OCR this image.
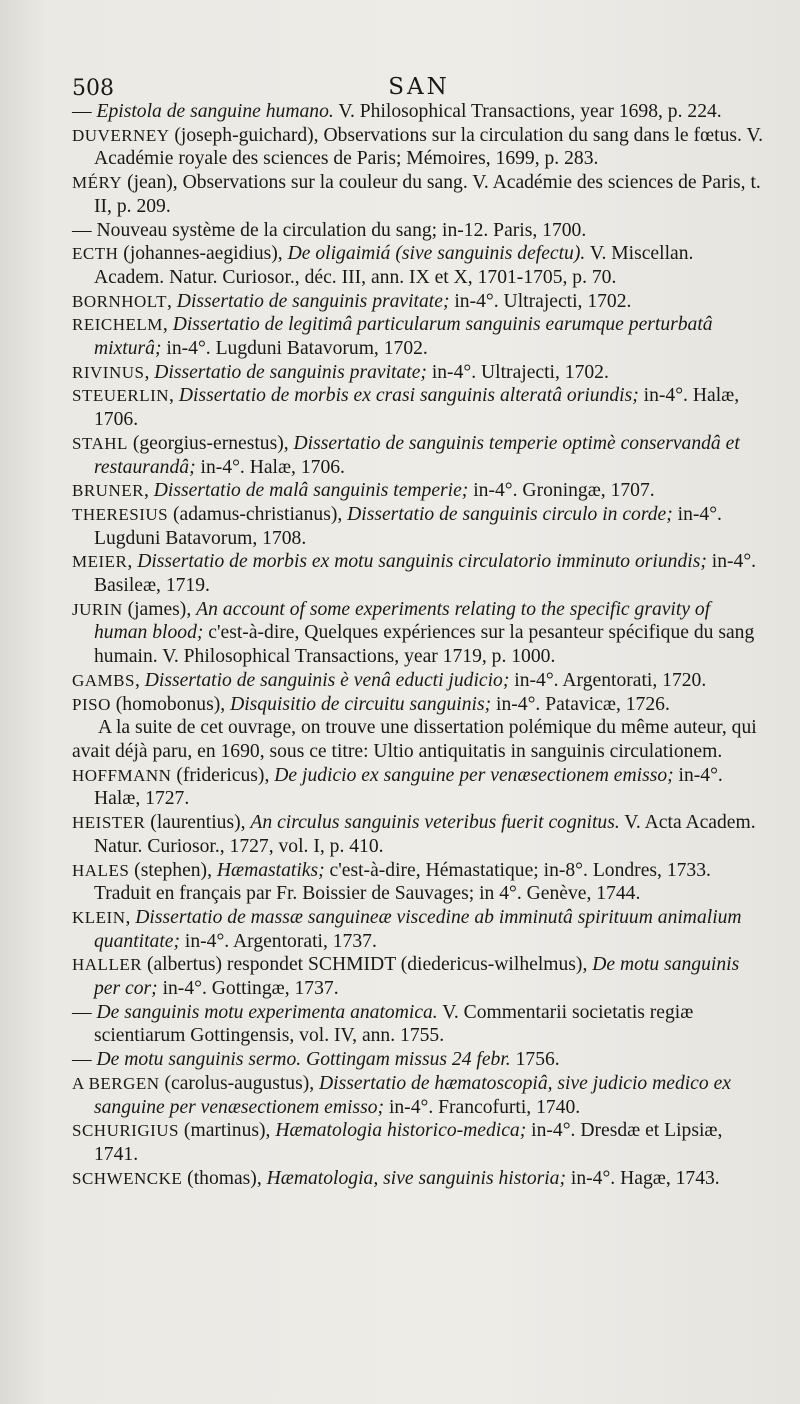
508	SAN

— Epistola de sanguine humano. V. Philosophical Transactions, year 1698, p. 224.

DUVERNEY (joseph-guichard), Observations sur la circulation du sang dans le fœtus. V. Académie royale des sciences de Paris; Mémoires, 1699, p. 283.

MÉRY (jean), Observations sur la couleur du sang. V. Académie des sciences de Paris, t. II, p. 209.

— Nouveau système de la circulation du sang; in-12. Paris, 1700.

ECTH (johannes-aegidius), De oligaimiá (sive sanguinis defectu). V. Miscellan. Academ. Natur. Curiosor., déc. III, ann. IX et X, 1701-1705, p. 70.

BORNHOLT, Dissertatio de sanguinis pravitate; in-4°. Ultrajecti, 1702.

REICHELM, Dissertatio de legitimâ particularum sanguinis earumque perturbatâ mixturâ; in-4°. Lugduni Batavorum, 1702.

RIVINUS, Dissertatio de sanguinis pravitate; in-4°. Ultrajecti, 1702.

STEUERLIN, Dissertatio de morbis ex crasi sanguinis alteratâ oriundis; in-4°. Halæ, 1706.

STAHL (georgius-ernestus), Dissertatio de sanguinis temperie optimè conservandâ et restaurandâ; in-4°. Halæ, 1706.

BRUNER, Dissertatio de malâ sanguinis temperie; in-4°. Groningæ, 1707.

THERESIUS (adamus-christianus), Dissertatio de sanguinis circulo in corde; in-4°. Lugduni Batavorum, 1708.

MEIER, Dissertatio de morbis ex motu sanguinis circulatorio imminuto oriundis; in-4°. Basileæ, 1719.

JURIN (james), An account of some experiments relating to the specific gravity of human blood; c'est-à-dire, Quelques expériences sur la pesanteur spécifique du sang humain. V. Philosophical Transactions, year 1719, p. 1000.

GAMBS, Dissertatio de sanguinis è venâ educti judicio; in-4°. Argentorati, 1720.

PISO (homobonus), Disquisitio de circuitu sanguinis; in-4°. Patavicæ, 1726.

A la suite de cet ouvrage, on trouve une dissertation polémique du même auteur, qui avait déjà paru, en 1690, sous ce titre: Ultio antiquitatis in sanguinis circulationem.

HOFFMANN (fridericus), De judicio ex sanguine per venæsectionem emisso; in-4°. Halæ, 1727.

HEISTER (laurentius), An circulus sanguinis veteribus fuerit cognitus. V. Acta Academ. Natur. Curiosor., 1727, vol. I, p. 410.

HALES (stephen), Hæmastatiks; c'est-à-dire, Hémastatique; in-8°. Londres, 1733. Traduit en français par Fr. Boissier de Sauvages; in 4°. Genève, 1744.

KLEIN, Dissertatio de massæ sanguineæ viscedine ab imminutâ spirituum animalium quantitate; in-4°. Argentorati, 1737.

HALLER (albertus) respondet SCHMIDT (diedericus-wilhelmus), De motu sanguinis per cor; in-4°. Gottingæ, 1737.

— De sanguinis motu experimenta anatomica. V. Commentarii societatis regiæ scientiarum Gottingensis, vol. IV, ann. 1755.

— De motu sanguinis sermo. Gottingam missus 24 febr. 1756.

A BERGEN (carolus-augustus), Dissertatio de hæmatoscopiâ, sive judicio medico ex sanguine per venæsectionem emisso; in-4°. Francofurti, 1740.

SCHURIGIUS (martinus), Hæmatologia historico-medica; in-4°. Dresdæ et Lipsiæ, 1741.

SCHWENCKE (thomas), Hæmatologia, sive sanguinis historia; in-4°. Hagæ, 1743.
